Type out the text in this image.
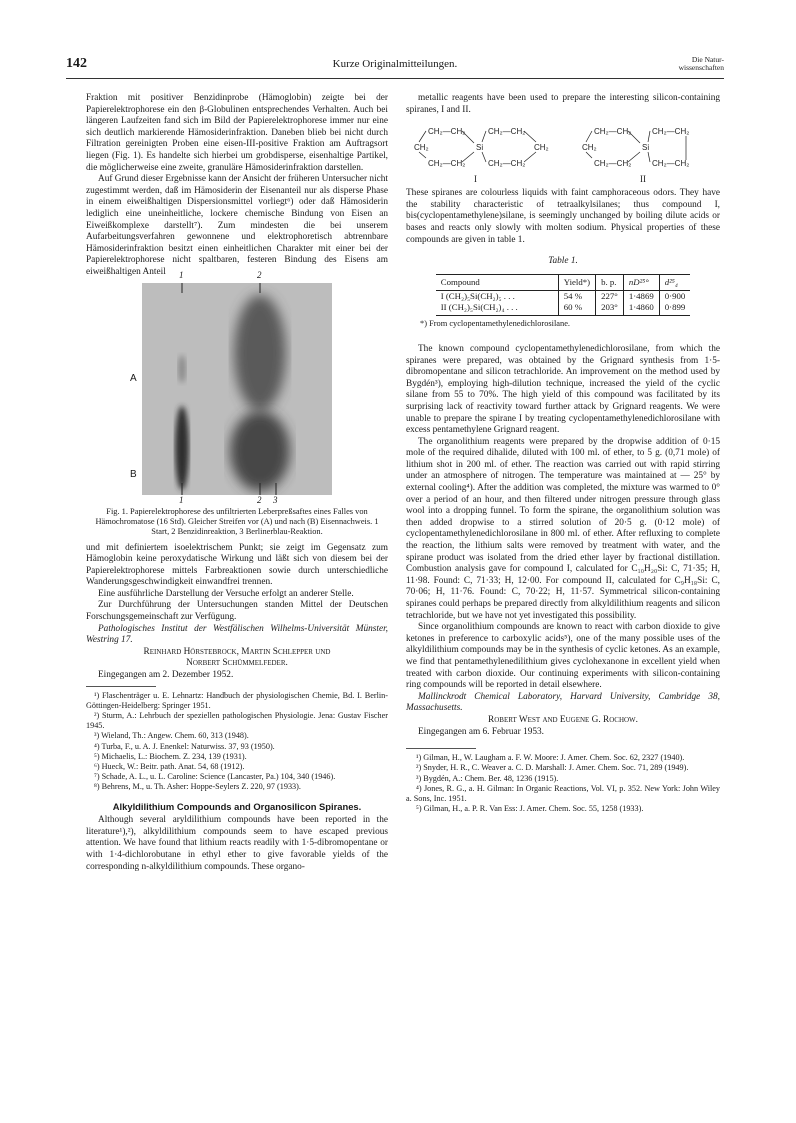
142	Kurze Originalmitteilungen.	Die Natur-
wissenschaften

Fraktion mit positiver Benzidinprobe (Hämoglobin) zeigte bei der Papierelektrophorese ein den β-Globulinen entsprechendes Verhalten. Auch bei längeren Laufzeiten fand sich im Bild der Papierelektrophorese immer nur eine sich deutlich markierende Hämosiderinfraktion. Daneben blieb bei nicht durch Filtration gereinigten Proben eine eisen-III-positive Fraktion am Auftragsort liegen (Fig. 1). Es handelte sich hierbei um grobdisperse, eisenhaltige Partikel, die möglicherweise eine zweite, granuläre Hämosiderinfraktion darstellen.

Auf Grund dieser Ergebnisse kann der Ansicht der früheren Untersucher nicht zugestimmt werden, daß im Hämosiderin der Eisenanteil nur als disperse Phase in einem eiweißhaltigen Dispersionsmittel vorliegt⁶) oder daß Hämosiderin lediglich eine uneinheitliche, lockere chemische Bindung von Eisen an Eiweißkomplexe darstellt⁷). Zum mindesten die bei unserem Aufarbeitungsverfahren gewonnene und elektrophoretisch abtrennbare Hämosiderinfraktion besitzt einen einheitlichen Charakter mit einer bei der Papierelektrophorese nicht spaltbaren, festeren Bindung des Eisens am eiweißhaltigen Anteil	1	2
A
B
1	2 3

Fig. 1. Papierelektrophorese des unfiltrierten Leberpreßsaftes eines Falles von Hämochromatose (16 Std). Gleicher Streifen vor (A) und nach (B) Eisennachweis. 1 Start, 2 Benzidinreaktion, 3 Berlinerblau-Reaktion.

und mit definiertem isoelektrischem Punkt; sie zeigt im Gegensatz zum Hämoglobin keine peroxydatische Wirkung und läßt sich von diesem bei der Papierelektrophorese mittels Farbreaktionen sowie durch unterschiedliche Wanderungsgeschwindigkeit einwandfrei trennen.

Eine ausführliche Darstellung der Versuche erfolgt an anderer Stelle.

Zur Durchführung der Untersuchungen standen Mittel der Deutschen Forschungsgemeinschaft zur Verfügung.

Pathologisches Institut der Westfälischen Wilhelms-Universität Münster, Westring 17.

Reinhard Hörstebrock, Martin Schlepper und

Norbert Schümmelfeder.

Eingegangen am 2. Dezember 1952.

¹) Flaschenträger u. E. Lehnartz: Handbuch der physiologischen Chemie, Bd. I. Berlin-Göttingen-Heidelberg: Springer 1951.

²) Sturm, A.: Lehrbuch der speziellen pathologischen Physiologie. Jena: Gustav Fischer 1945.

³) Wieland, Th.: Angew. Chem. 60, 313 (1948).

⁴) Turba, F., u. A. J. Enenkel: Naturwiss. 37, 93 (1950).

⁵) Michaelis, L.: Biochem. Z. 234, 139 (1931).

⁶) Hueck, W.: Beitr. path. Anat. 54, 68 (1912).

⁷) Schade, A. L., u. L. Caroline: Science (Lancaster, Pa.) 104, 340 (1946).

⁸) Behrens, M., u. Th. Asher: Hoppe-Seylers Z. 220, 97 (1933).

Alkyldilithium Compounds and Organosilicon Spiranes.

Although several aryldilithium compounds have been reported in the literature¹),²), alkyldilithium compounds seem to have escaped previous attention. We have found that lithium reacts readily with 1·5-dibromopentane or with 1·4-dichlorobutane in ethyl ether to give favorable yields of the corresponding n-alkyldilithium compounds. These organo-

metallic reagents have been used to prepare the interesting silicon-containing spiranes, I and II.

CH₂—CH₂	CH₂—CH₂
CH₂	Si	CH₂
CH₂—CH₂	CH₂—CH₂
CH₂—CH₂	CH₂—CH₂
CH₂	Si
CH₂—CH₂	CH₂—CH₂
I	II

These spiranes are colourless liquids with faint camphoraceous odors. They have the stability characteristic of tetraalkylsilanes; thus compound I, bis(cyclopentamethylene)silane, is seemingly unchanged by boiling dilute acids or bases and reacts only slowly with molten sodium. Physical properties of these compounds are given in table 1.

Table 1.

Compound	Yield*)	b. p.	nD²⁵°	d²⁵₄
I (CH₂)₅Si(CH₂)₅ . . .	54 %	227°	1·4869	0·900
II (CH₂)₅Si(CH₂)₄ . . .	60 %	203°	1·4860	0·899

*) From cyclopentamethylenedichlorosilane.

The known compound cyclopentamethylenedichlorosilane, from which the spiranes were prepared, was obtained by the Grignard synthesis from 1·5-dibromopentane and silicon tetrachloride. An improvement on the method used by Bygdén³), employing high-dilution technique, increased the yield of the cyclic silane from 55 to 70%. The high yield of this compound was facilitated by its surprising lack of reactivity toward further attack by Grignard reagents. We were unable to prepare the spirane I by treating cyclopentamethylenedichlorosilane with excess pentamethylene Grignard reagent.

The organolithium reagents were prepared by the dropwise addition of 0·15 mole of the required dihalide, diluted with 100 ml. of ether, to 5 g. (0,71 mole) of lithium shot in 200 ml. of ether. The reaction was carried out with rapid stirring under an atmosphere of nitrogen. The temperature was maintained at — 25° by external cooling⁴). After the addition was completed, the mixture was warmed to 0° over a period of an hour, and then filtered under nitrogen pressure through glass wool into a dropping funnel. To form the spirane, the organolithium solution was then added dropwise to a stirred solution of 20·5 g. (0·12 mole) of cyclopentamethylenedichlorosilane in 800 ml. of ether. After refluxing to complete the reaction, the lithium salts were removed by treatment with water, and the spirane product was isolated from the dried ether layer by fractional distillation. Combustion analysis gave for compound I, calculated for C₁₀H₂₀Si: C, 71·35; H, 11·98. Found: C, 71·33; H, 12·00. For compound II, calculated for C₉H₁₈Si: C, 70·06; H, 11·76. Found: C, 70·22; H, 11·57. Symmetrical silicon-containing spiranes could perhaps be prepared directly from alkyldilithium reagents and silicon tetrachloride, but we have not yet investigated this possibility.

Since organolithium compounds are known to react with carbon dioxide to give ketones in preference to carboxylic acids⁵), one of the many possible uses of the alkyldilithium compounds may be in the synthesis of cyclic ketones. As an example, we find that pentamethylenedilithium gives cyclohexanone in excellent yield when treated with carbon dioxide. Our continuing experiments with silicon-containing ring compounds will be reported in detail elsewhere.

Mallinckrodt Chemical Laboratory, Harvard University, Cambridge 38, Massachusetts.

Robert West and Eugene G. Rochow.

Eingegangen am 6. Februar 1953.

¹) Gilman, H., W. Laugham a. F. W. Moore: J. Amer. Chem. Soc. 62, 2327 (1940).

²) Snyder, H. R., C. Weaver a. C. D. Marshall: J. Amer. Chem. Soc. 71, 289 (1949).

³) Bygdén, A.: Chem. Ber. 48, 1236 (1915).

⁴) Jones, R. G., a. H. Gilman: In Organic Reactions, Vol. VI, p. 352. New York: John Wiley a. Sons, Inc. 1951.

⁵) Gilman, H., a. P. R. Van Ess: J. Amer. Chem. Soc. 55, 1258 (1933).
